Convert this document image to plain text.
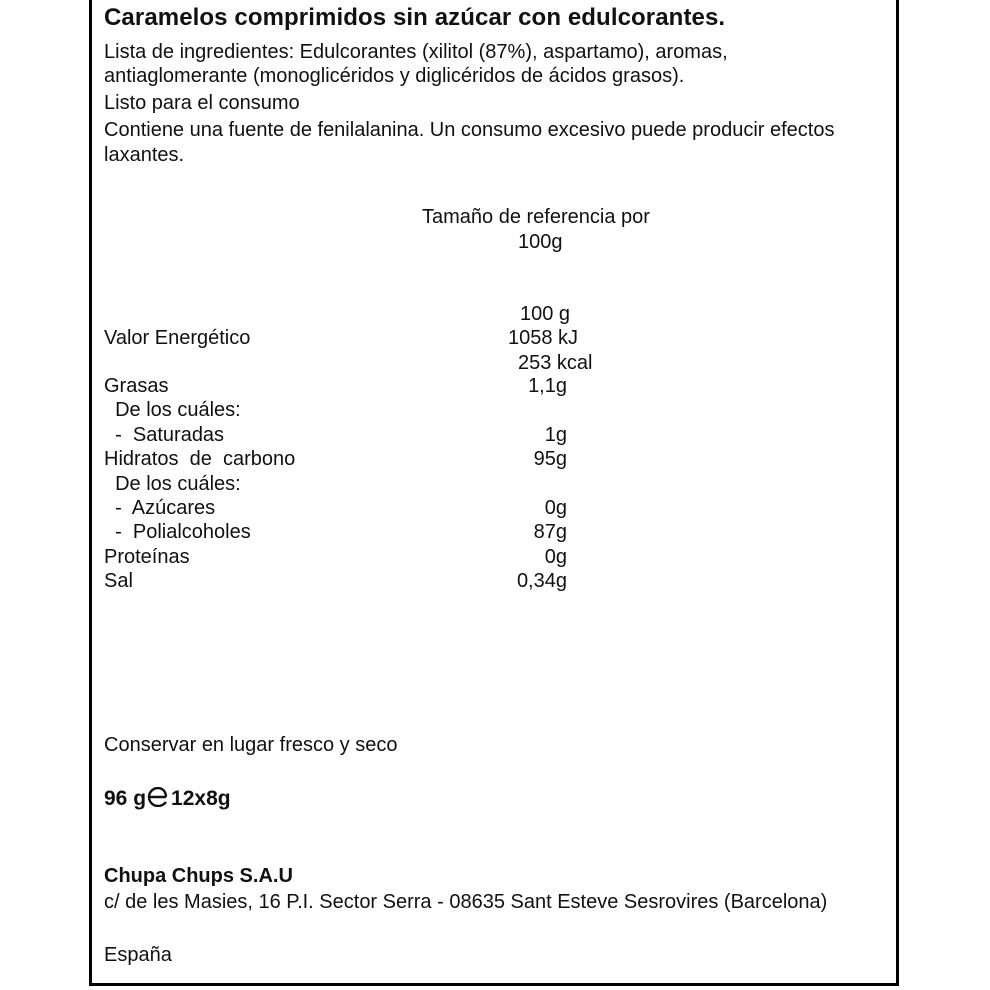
Caramelos comprimidos sin azúcar con edulcorantes.
Lista de ingredientes: Edulcorantes (xilitol (87%), aspartamo), aromas,
antiaglomerante (monoglicéridos y diglicéridos de ácidos grasos).
Listo para el consumo
Contiene una fuente de fenilalanina. Un consumo excesivo puede producir efectos
laxantes.
Tamaño de referencia por
100g
100 g
Valor Energético	1058 kJ
253 kcal
Grasas	1,1g
De los cuáles:
-  Saturadas	1g
Hidratos  de  carbono	95g
De los cuáles:
-  Azúcares	0g
-  Polialcoholes	87g
Proteínas	0g
Sal	0,34g
Conservar en lugar fresco y seco
96 g 12x8g
Chupa Chups S.A.U
c/ de les Masies, 16 P.I. Sector Serra - 08635 Sant Esteve Sesrovires (Barcelona)
España
